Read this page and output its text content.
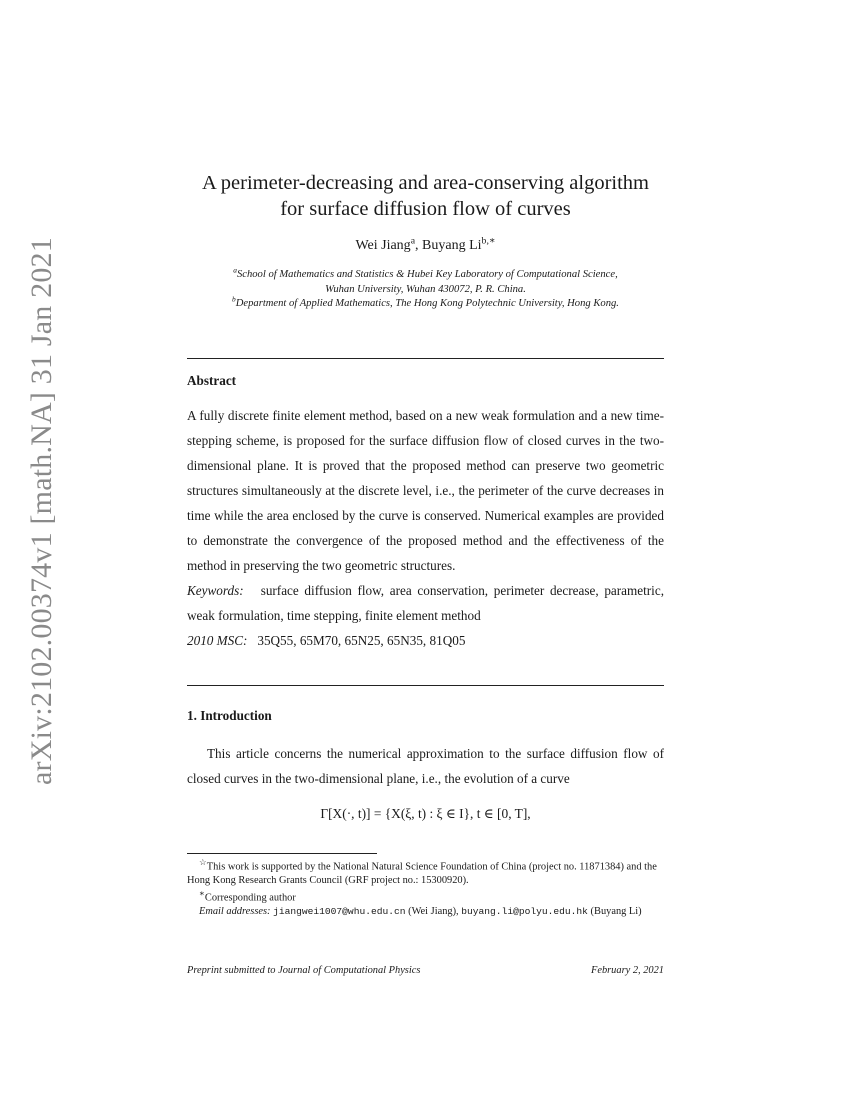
arXiv:2102.00374v1 [math.NA] 31 Jan 2021
A perimeter-decreasing and area-conserving algorithm
for surface diffusion flow of curves
Wei Jiang$^a$, Buyang $Li^{b,∗}$
$^a$School of Mathematics and Statistics & Hubei Key Laboratory of Computational Science,
Wuhan University, Wuhan 430072, P. R. China.
$^b$Department of Applied Mathematics, The Hong Kong Polytechnic University, Hong Kong.
Abstract
A fully discrete finite element method, based on a new weak formulation and a new time-stepping scheme, is proposed for the surface diffusion flow of closed curves in the two-dimensional plane. It is proved that the proposed method can preserve two geometric structures simultaneously at the discrete level, i.e., the perimeter of the curve decreases in time while the area enclosed by the curve is conserved. Numerical examples are provided to demonstrate the convergence of the proposed method and the effectiveness of the method in preserving the two geometric structures.
Keywords: surface diffusion flow, area conservation, perimeter decrease, parametric, weak formulation, time stepping, finite element method
2010 MSC: 35Q55, 65M70, 65N25, 65N35, 81Q05
1. Introduction
This article concerns the numerical approximation to the surface diffusion flow of closed curves in the two-dimensional plane, i.e., the evolution of a curve
Γ[X(·, t)] = {X(ξ, t) : ξ ∈ I}, t ∈ [0, T],
☆This work is supported by the National Natural Science Foundation of China (project no. 11871384) and the Hong Kong Research Grants Council (GRF project no.: 15300920).
∗Corresponding author
Email addresses: jiangwei1007@whu.edu.cn (Wei Jiang), buyang.li@polyu.edu.hk (Buyang Li)
Preprint submitted to Journal of Computational Physics	February 2, 2021
